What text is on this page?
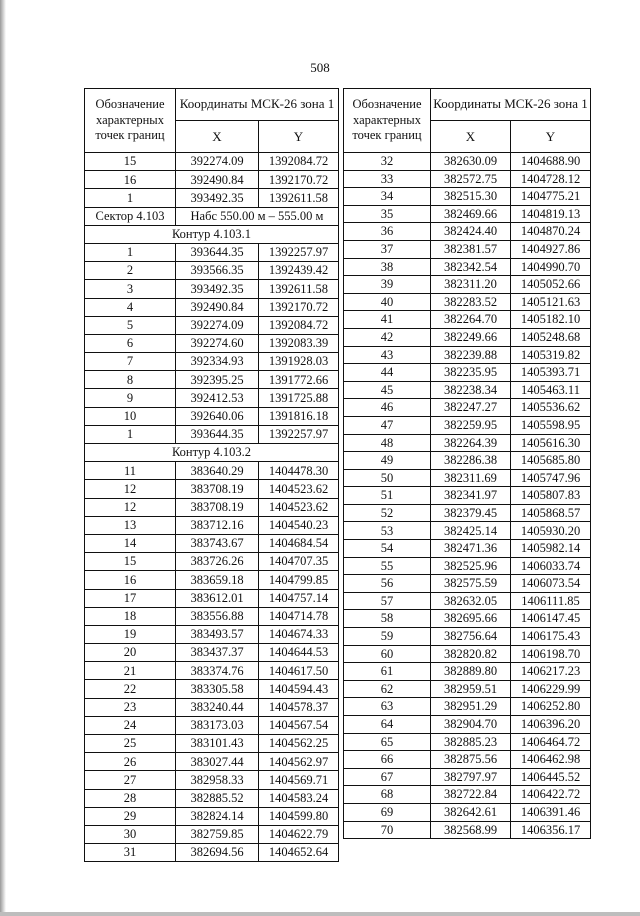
508
Обозначение характерных точек границ	Координаты МСК-26 зона 1	
	X	Y
15	392274.09	1392084.72
16	392490.84	1392170.72
1	393492.35	1392611.58
Сектор 4.103	Набс 550.00 м – 555.00 м	
Контур 4.103.1		
1	393644.35	1392257.97
2	393566.35	1392439.42
3	393492.35	1392611.58
4	392490.84	1392170.72
5	392274.09	1392084.72
6	392274.60	1392083.39
7	392334.93	1391928.03
8	392395.25	1391772.66
9	392412.53	1391725.88
10	392640.06	1391816.18
1	393644.35	1392257.97
Контур 4.103.2		
11	383640.29	1404478.30
12	383708.19	1404523.62
12	383708.19	1404523.62
13	383712.16	1404540.23
14	383743.67	1404684.54
15	383726.26	1404707.35
16	383659.18	1404799.85
17	383612.01	1404757.14
18	383556.88	1404714.78
19	383493.57	1404674.33
20	383437.37	1404644.53
21	383374.76	1404617.50
22	383305.58	1404594.43
23	383240.44	1404578.37
24	383173.03	1404567.54
25	383101.43	1404562.25
26	383027.44	1404562.97
27	382958.33	1404569.71
28	382885.52	1404583.24
29	382824.14	1404599.80
30	382759.85	1404622.79
31	382694.56	1404652.64
Обозначение характерных точек границ	Координаты МСК-26 зона 1	
	X	Y
32	382630.09	1404688.90
33	382572.75	1404728.12
34	382515.30	1404775.21
35	382469.66	1404819.13
36	382424.40	1404870.24
37	382381.57	1404927.86
38	382342.54	1404990.70
39	382311.20	1405052.66
40	382283.52	1405121.63
41	382264.70	1405182.10
42	382249.66	1405248.68
43	382239.88	1405319.82
44	382235.95	1405393.71
45	382238.34	1405463.11
46	382247.27	1405536.62
47	382259.95	1405598.95
48	382264.39	1405616.30
49	382286.38	1405685.80
50	382311.69	1405747.96
51	382341.97	1405807.83
52	382379.45	1405868.57
53	382425.14	1405930.20
54	382471.36	1405982.14
55	382525.96	1406033.74
56	382575.59	1406073.54
57	382632.05	1406111.85
58	382695.66	1406147.45
59	382756.64	1406175.43
60	382820.82	1406198.70
61	382889.80	1406217.23
62	382959.51	1406229.99
63	382951.29	1406252.80
64	382904.70	1406396.20
65	382885.23	1406464.72
66	382875.56	1406462.98
67	382797.97	1406445.52
68	382722.84	1406422.72
69	382642.61	1406391.46
70	382568.99	1406356.17
